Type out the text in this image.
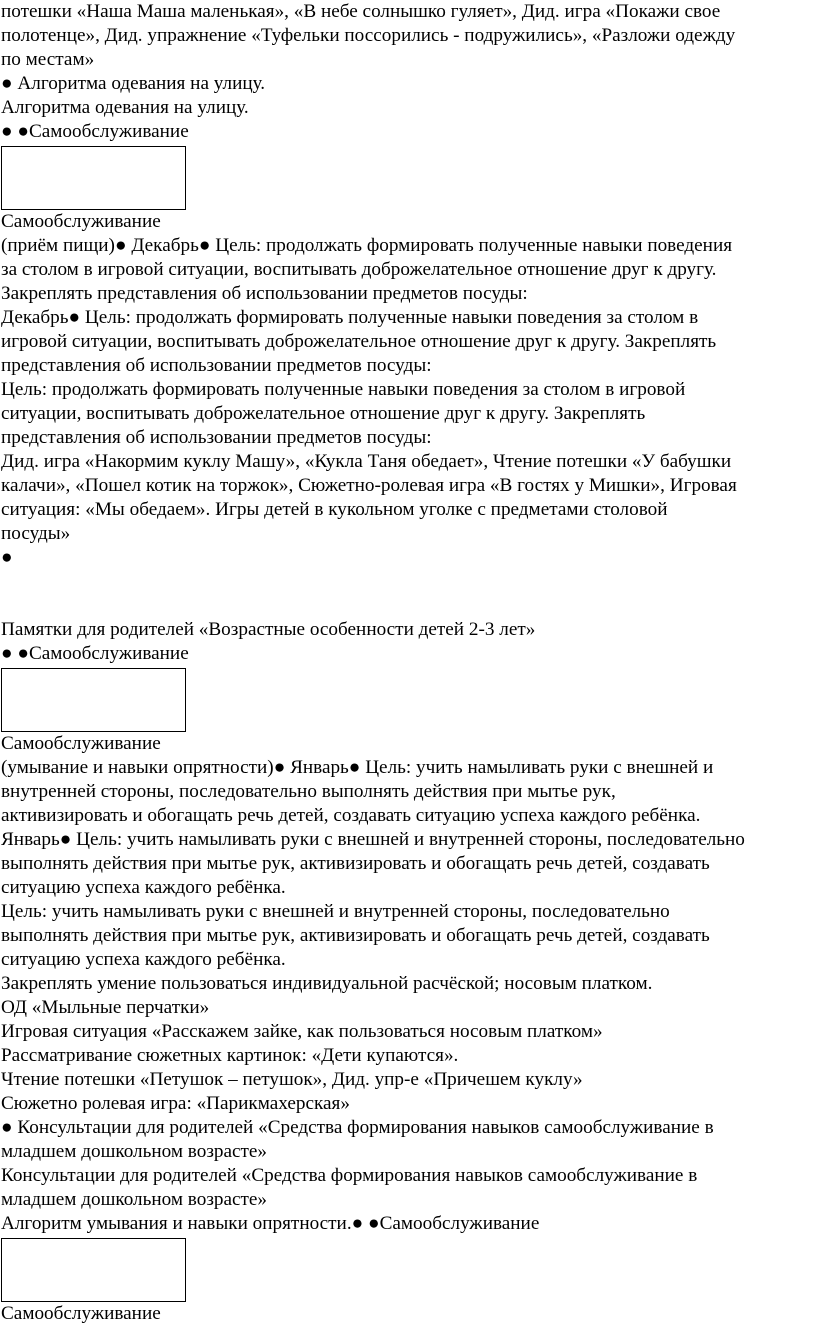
потешки «Наша Маша маленькая», «В небе солнышко гуляет», Дид. игра «Покажи свое
полотенце», Дид. упражнение «Туфельки поссорились - подружились», «Разложи одежду
по местам»
● Алгоритма одевания на улицу.
Алгоритма одевания на улицу.
● ●Самообслуживание
Самообслуживание
(приём пищи)● Декабрь● Цель: продолжать формировать полученные навыки поведения
за столом в игровой ситуации, воспитывать доброжелательное отношение друг к другу.
Закреплять представления об использовании предметов посуды:
Декабрь● Цель: продолжать формировать полученные навыки поведения за столом в
игровой ситуации, воспитывать доброжелательное отношение друг к другу. Закреплять
представления об использовании предметов посуды:
Цель: продолжать формировать полученные навыки поведения за столом в игровой
ситуации, воспитывать доброжелательное отношение друг к другу. Закреплять
представления об использовании предметов посуды:
Дид. игра «Накормим куклу Машу», «Кукла Таня обедает», Чтение потешки «У бабушки
калачи», «Пошел котик на торжок», Сюжетно-ролевая игра «В гостях у Мишки», Игровая
ситуация: «Мы обедаем». Игры детей в кукольном уголке с предметами столовой
посуды»
●
Памятки для родителей «Возрастные особенности детей 2-3 лет»
● ●Самообслуживание
Самообслуживание
(умывание и навыки опрятности)● Январь● Цель: учить намыливать руки с внешней и
внутренней стороны, последовательно выполнять действия при мытье рук,
активизировать и обогащать речь детей, создавать ситуацию успеха каждого ребёнка.
Январь● Цель: учить намыливать руки с внешней и внутренней стороны, последовательно
выполнять действия при мытье рук, активизировать и обогащать речь детей, создавать
ситуацию успеха каждого ребёнка.
Цель: учить намыливать руки с внешней и внутренней стороны, последовательно
выполнять действия при мытье рук, активизировать и обогащать речь детей, создавать
ситуацию успеха каждого ребёнка.
Закреплять умение пользоваться индивидуальной расчёской; носовым платком.
ОД «Мыльные перчатки»
Игровая ситуация «Расскажем зайке, как пользоваться носовым платком»
Рассматривание сюжетных картинок: «Дети купаются».
Чтение потешки «Петушок – петушок», Дид. упр-е «Причешем куклу»
Сюжетно ролевая игра: «Парикмахерская»
● Консультации для родителей «Средства формирования навыков самообслуживание в
младшем дошкольном возрасте»
Консультации для родителей «Средства формирования навыков самообслуживание в
младшем дошкольном возрасте»
Алгоритм умывания и навыки опрятности.● ●Самообслуживание
Самообслуживание
